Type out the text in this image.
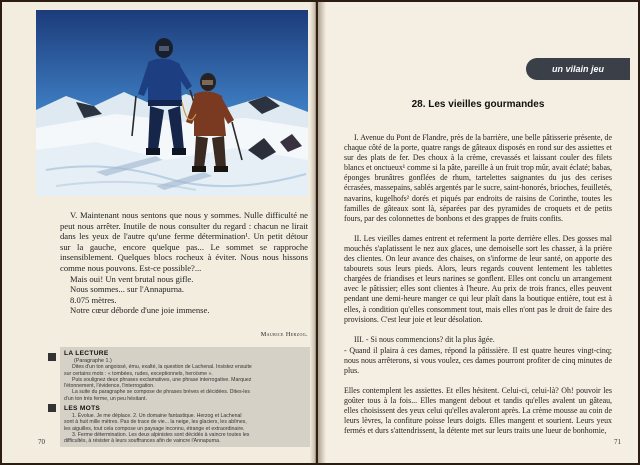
V. Maintenant nous sentons que nous y sommes. Nulle difficulté ne peut nous arrêter. Inutile de nous consulter du regard : chacun ne lirait dans les yeux de l'autre qu'une ferme détermination¹. Un petit détour sur la gauche, encore quelque pas... Le sommet se rapproche insensiblement. Quelques blocs rocheux à éviter. Nous nous hissons comme nous pouvons. Est-ce possible?...

Mais oui! Un vent brutal nous gifle.

Nous sommes... sur l'Annapurna.

8.075 mètres.

Notre cœur déborde d'une joie immense.

Maurice Herzog.
LA LECTURE
(Paragraphe 1.)
Dites d'un ton angoissé, ému, exalté, la question de Lachenal. Insistez ensuite
sur certains mots : « tombées, rudes, exceptionnels, heroïsme ».
Puis soulignez deux phrases exclamatives, une phrase interrogative. Marquez
l'étonnement, l'évidence, l'interrogation.
La suite du paragraphe se compose de phrases brèves et décidées. Dites-les
d'un ton très ferme, un peu hésitant.
LES MOTS
1. Évolue. Je me déplace. 2. Un domaine fantastique. Herzog et Lachenal
sont à huit mille mètres. Pas de trace de vie... la neige, les glaciers, les abîmes,
les aiguilles, tout cela compose un paysage inconnu, étrange et extraordinaire.
3. Ferme détermination. Les deux alpinistes sont décidés à vaincre toutes les
difficultés, à résister à leurs souffrances afin de vaincre l'Annapurna.
70
un vilain jeu
28. Les vieilles gourmandes

I. Avenue du Pont de Flandre, près de la barrière, une belle pâtisserie présente, de chaque côté de la porte, quatre rangs de gâteaux disposés en rond sur des assiettes et sur des plats de fer. Des choux à la crème, crevassés et laissant couler des filets blancs et onctueux¹ comme si la pâte, pareille à un fruit trop mûr, avait éclaté; babas, éponges brunâtres gonflées de rhum, tartelettes saignantes du jus des cerises écrasées, massepains, sablés argentés par le sucre, saint-honorés, brioches, feuilletés, navarins, kugelhofs² dorés et piqués par endroits de raisins de Corinthe, toutes les familles de gâteaux sont là, séparées par des pyramides de croquets et de petits fours, par des colonnettes de bonbons et des grappes de fruits confits.

II. Les vieilles dames entrent et referment la porte derrière elles. Des gosses mal mouchés s'aplatissent le nez aux glaces, une demoiselle sort les chasser, à la prière des clientes. On leur avance des chaises, on s'informe de leur santé, on apporte des tabourets sous leurs pieds. Alors, leurs regards couvent lentement les tablettes chargées de friandises et leurs narines se gonflent. Elles ont conclu un arrangement avec le pâtissier; elles sont clientes à l'heure. Au prix de trois francs, elles peuvent pendant une demi-heure manger ce qui leur plaît dans la boutique entière, tout est à elles, à condition qu'elles consomment tout, mais elles n'ont pas le droit de faire des provisions. C'est leur joie et leur désolation.

III. - Si nous commencions? dit la plus âgée.

- Quand il plaira à ces dames, répond la pâtissière. Il est quatre heures vingt-cinq; nous nous arrêterons, si vous voulez, ces dames pourront profiter de cinq minutes de plus.

Elles contemplent les assiettes. Et elles hésitent. Celui-ci, celui-là? Oh! pouvoir les goûter tous à la fois... Elles mangent debout et tandis qu'elles avalent un gâteau, elles choisissent des yeux celui qu'elles avaleront après. La crème mousse au coin de leurs lèvres, la confiture poisse leurs doigts. Elles mangent et sourient. Leurs yeux fermés et durs s'attendrissent, la détente met sur leurs traits une lueur de bonhomie,

71
